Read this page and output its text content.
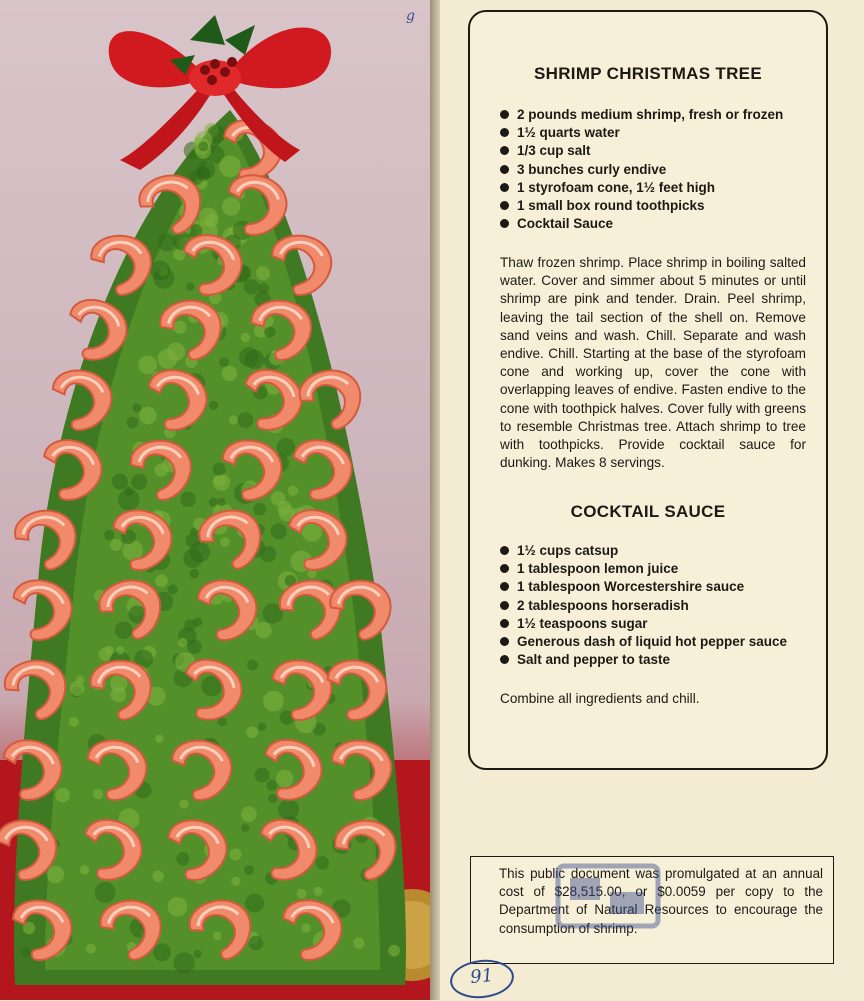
SHRIMP CHRISTMAS TREE
2 pounds medium shrimp, fresh or frozen
1½ quarts water
1/3 cup salt
3 bunches curly endive
1 styrofoam cone, 1½ feet high
1 small box round toothpicks
Cocktail Sauce

Thaw frozen shrimp. Place shrimp in boiling salted water. Cover and simmer about 5 minutes or until shrimp are pink and tender. Drain. Peel shrimp, leaving the tail section of the shell on. Remove sand veins and wash. Chill. Separate and wash endive. Chill. Starting at the base of the styrofoam cone and working up, cover the cone with overlapping leaves of endive. Fasten endive to the cone with toothpick halves. Cover fully with greens to resemble Christmas tree. Attach shrimp to tree with toothpicks. Provide cocktail sauce for dunking. Makes 8 servings.

COCKTAIL SAUCE
1½ cups catsup
1 tablespoon lemon juice
1 tablespoon Worcestershire sauce
2 tablespoons horseradish
1½ teaspoons sugar
Generous dash of liquid hot pepper sauce
Salt and pepper to taste

Combine all ingredients and chill.

This public document was promulgated at an annual cost of $28,515.00, or $0.0059 per copy to the Department of Natural Resources to encourage the consumption of shrimp.

91
g
